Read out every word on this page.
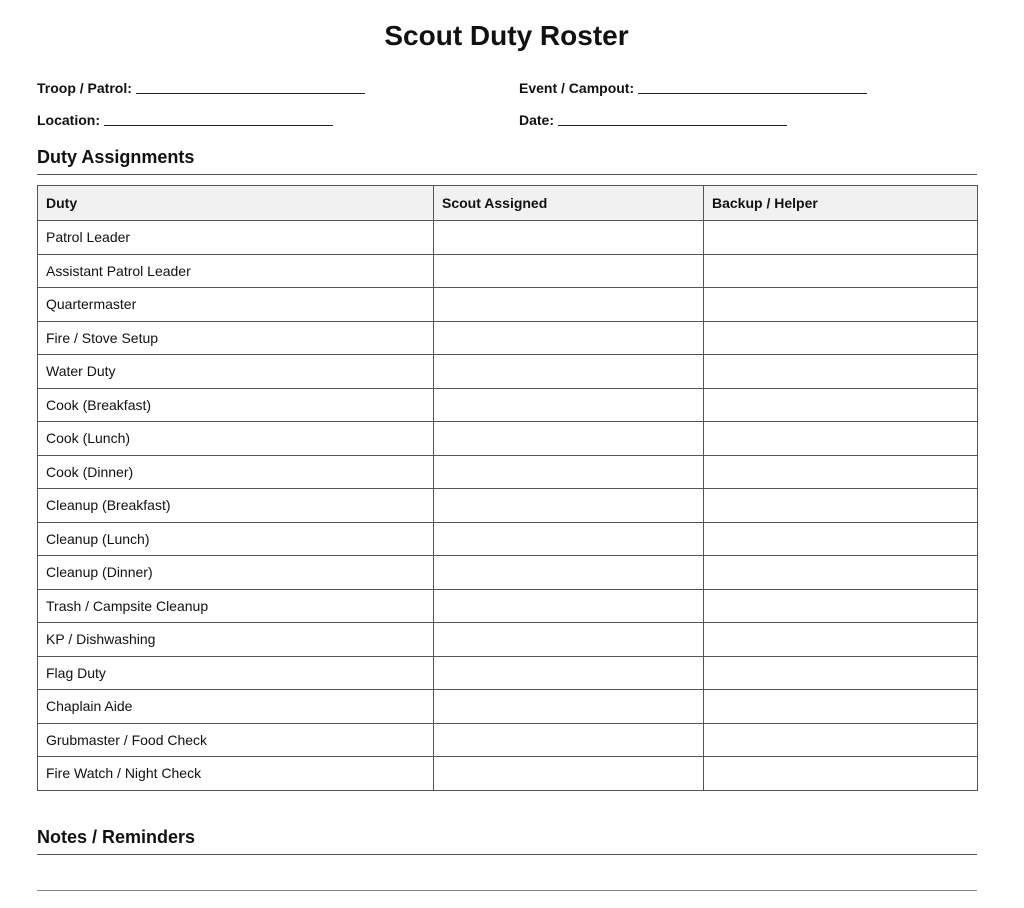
Scout Duty Roster
Troop / Patrol:	Event / Campout:
Location:	Date:
Duty Assignments
Duty	Scout Assigned	Backup / Helper
Patrol Leader		
Assistant Patrol Leader		
Quartermaster		
Fire / Stove Setup		
Water Duty		
Cook (Breakfast)		
Cook (Lunch)		
Cook (Dinner)		
Cleanup (Breakfast)		
Cleanup (Lunch)		
Cleanup (Dinner)		
Trash / Campsite Cleanup		
KP / Dishwashing		
Flag Duty		
Chaplain Aide		
Grubmaster / Food Check		
Fire Watch / Night Check		
Notes / Reminders
